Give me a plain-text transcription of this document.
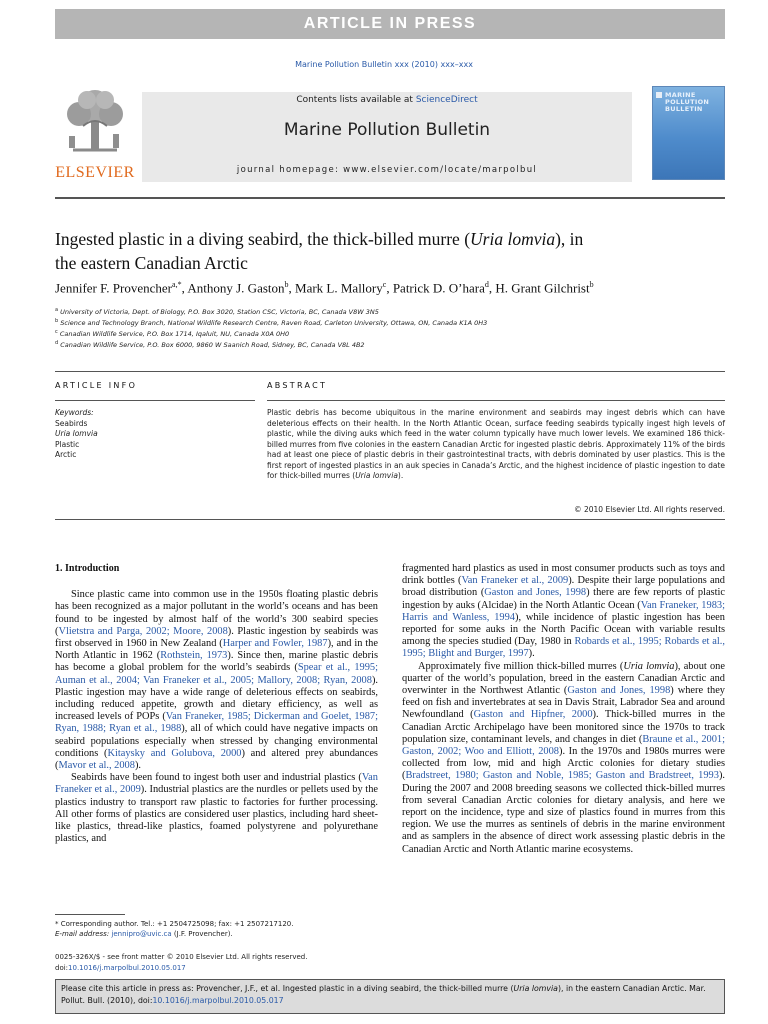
ARTICLE IN PRESS
Marine Pollution Bulletin xxx (2010) xxx–xxx
ELSEVIER
Contents lists available at ScienceDirect
Marine Pollution Bulletin
journal homepage: www.elsevier.com/locate/marpolbul
MARINE
POLLUTION
BULLETIN
Ingested plastic in a diving seabird, the thick-billed murre (Uria lomvia), in
the eastern Canadian Arctic
Jennifer F. Provencher$^{a,*}$, Anthony J. Gaston$^b$, Mark L. Mallory$^c$, Patrick D. O’hara$^d$, H. Grant Gilchrist$^b$
$^a$ University of Victoria, Dept. of Biology, P.O. Box 3020, Station CSC, Victoria, BC, Canada V8W 3N5
$^b$ Science and Technology Branch, National Wildlife Research Centre, Raven Road, Carleton University, Ottawa, ON, Canada K1A 0H3
$^c$ Canadian Wildlife Service, P.O. Box 1714, Iqaluit, NU, Canada X0A 0H0
$^d$ Canadian Wildlife Service, P.O. Box 6000, 9860 W Saanich Road, Sidney, BC, Canada V8L 4B2
ARTICLE INFO	ABSTRACT
Keywords:
Seabirds
Uria lomvia
Plastic
Arctic
Plastic debris has become ubiquitous in the marine environment and seabirds may ingest debris which can have deleterious effects on their health. In the North Atlantic Ocean, surface feeding seabirds typically ingest high levels of plastic, while the diving auks which feed in the water column typically have much lower levels. We examined 186 thick-billed murres from five colonies in the eastern Canadian Arctic for ingested plastic debris. Approximately 11% of the birds had at least one piece of plastic debris in their gastrointestinal tracts, with debris dominated by user plastics. This is the first report of ingested plastics in an auk species in Canada’s Arctic, and the highest incidence of plastic ingestion to date for thick-billed murres (Uria lomvia).
© 2010 Elsevier Ltd. All rights reserved.
1. Introduction

Since plastic came into common use in the 1950s floating plastic debris has been recognized as a major pollutant in the world’s oceans and has been found to be ingested by almost half of the world’s 300 seabird species (Vlietstra and Parga, 2002; Moore, 2008). Plastic ingestion by seabirds was first observed in 1960 in New Zealand (Harper and Fowler, 1987), and in the North Atlantic in 1962 (Rothstein, 1973). Since then, marine plastic debris has become a global problem for the world’s seabirds (Spear et al., 1995; Auman et al., 2004; Van Franeker et al., 2005; Mallory, 2008; Ryan, 2008). Plastic ingestion may have a wide range of deleterious effects on seabirds, including reduced appetite, growth and dietary efficiency, as well as increased levels of POPs (Van Franeker, 1985; Dickerman and Goelet, 1987; Ryan, 1988; Ryan et al., 1988), all of which could have negative impacts on seabird populations especially when stressed by changing environmental conditions (Kitaysky and Golubova, 2000) and altered prey abundances (Mavor et al., 2008).

Seabirds have been found to ingest both user and industrial plastics (Van Franeker et al., 2009). Industrial plastics are the nurdles or pellets used by the plastics industry to transport raw plastic to factories for further processing. All other forms of plastics are considered user plastics, including hard sheet-like plastics, thread-like plastics, foamed polystyrene and polyurethane plastics, and

fragmented hard plastics as used in most consumer products such as toys and drink bottles (Van Franeker et al., 2009). Despite their large populations and broad distribution (Gaston and Jones, 1998) there are few reports of plastic ingestion by auks (Alcidae) in the North Atlantic Ocean (Van Franeker, 1983; Harris and Wanless, 1994), while incidence of plastic ingestion has been reported for some auks in the North Pacific Ocean with variable results among the species studied (Day, 1980 in Robards et al., 1995; Robards et al., 1995; Blight and Burger, 1997).

Approximately five million thick-billed murres (Uria lomvia), about one quarter of the world’s population, breed in the eastern Canadian Arctic and overwinter in the Northwest Atlantic (Gaston and Jones, 1998) where they feed on fish and invertebrates at sea in Davis Strait, Labrador Sea and around Newfoundland (Gaston and Hipfner, 2000). Thick-billed murres in the Canadian Arctic Archipelago have been monitored since the 1970s to track population size, contaminant levels, and changes in diet (Braune et al., 2001; Gaston, 2002; Woo and Elliott, 2008). In the 1970s and 1980s murres were collected from low, mid and high Arctic colonies for dietary studies (Bradstreet, 1980; Gaston and Noble, 1985; Gaston and Bradstreet, 1993). During the 2007 and 2008 breeding seasons we collected thick-billed murres from several Canadian Arctic colonies for dietary analysis, and here we report on the incidence, type and size of plastics found in murres from this region. We use the murres as sentinels of debris in the marine environment and as samplers in the absence of direct work assessing plastic debris in the Canadian Arctic and North Atlantic marine ecosystems.

* Corresponding author. Tel.: +1 2504725098; fax: +1 2507217120.
E-mail address: jennipro@uvic.ca (J.F. Provencher).
0025-326X/$ - see front matter © 2010 Elsevier Ltd. All rights reserved.
doi:10.1016/j.marpolbul.2010.05.017
Please cite this article in press as: Provencher, J.F., et al. Ingested plastic in a diving seabird, the thick-billed murre (Uria lomvia), in the eastern Canadian Arctic. Mar. Pollut. Bull. (2010), doi:10.1016/j.marpolbul.2010.05.017
